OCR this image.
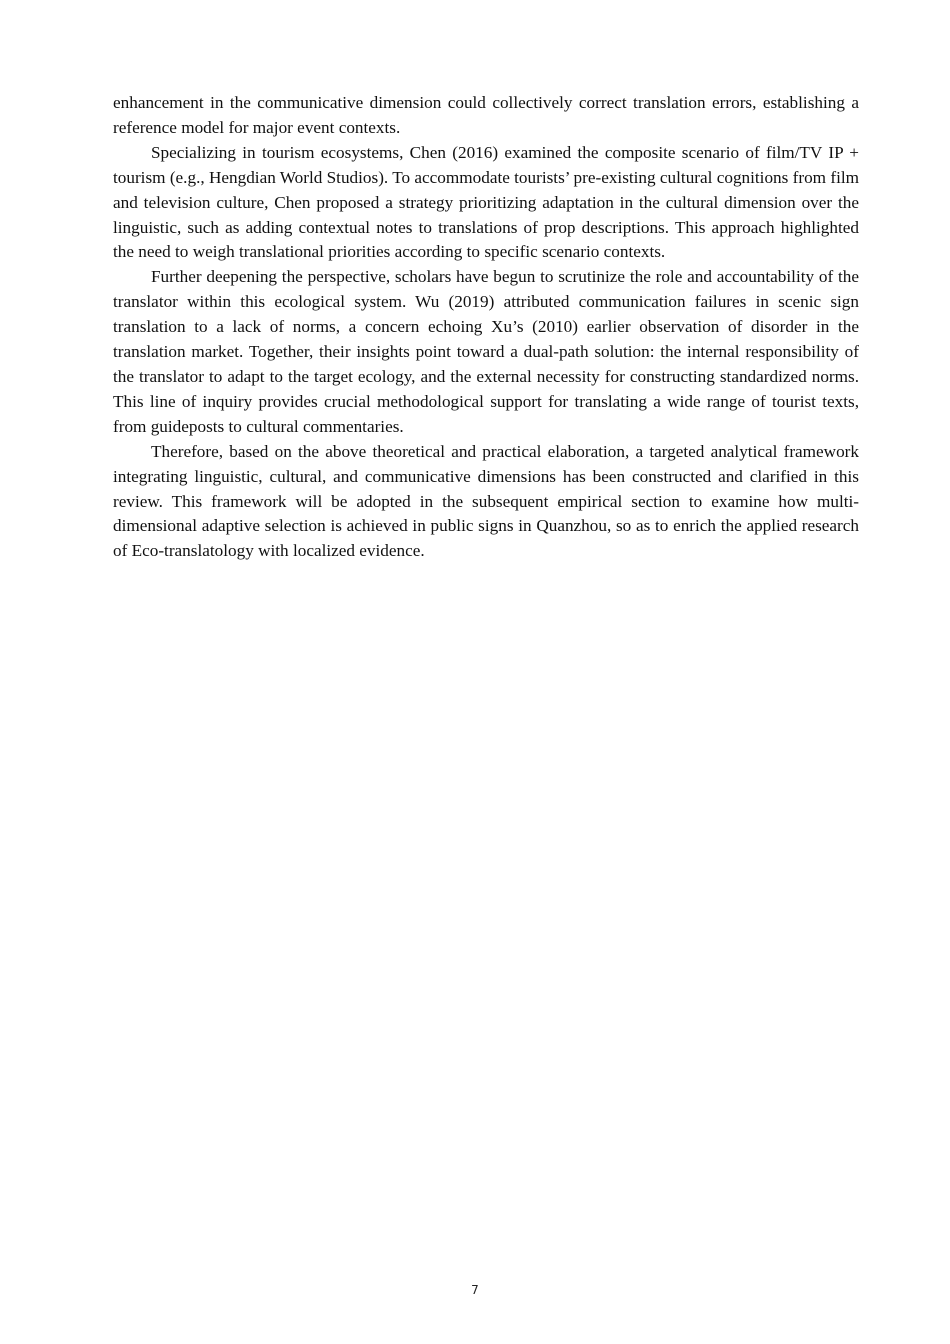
enhancement in the communicative dimension could collectively correct translation errors, establishing a reference model for major event contexts.

Specializing in tourism ecosystems, Chen (2016) examined the composite scenario of film/TV IP + tourism (e.g., Hengdian World Studios). To accommodate tourists’ pre-existing cultural cognitions from film and television culture, Chen proposed a strategy prioritizing adaptation in the cultural dimension over the linguistic, such as adding contextual notes to translations of prop descriptions. This approach highlighted the need to weigh translational priorities according to specific scenario contexts.

Further deepening the perspective, scholars have begun to scrutinize the role and accountability of the translator within this ecological system. Wu (2019) attributed communication failures in scenic sign translation to a lack of norms, a concern echoing Xu’s (2010) earlier observation of disorder in the translation market. Together, their insights point toward a dual-path solution: the internal responsibility of the translator to adapt to the target ecology, and the external necessity for constructing standardized norms. This line of inquiry provides crucial methodological support for translating a wide range of tourist texts, from guideposts to cultural commentaries.

Therefore, based on the above theoretical and practical elaboration, a targeted analytical framework integrating linguistic, cultural, and communicative dimensions has been constructed and clarified in this review. This framework will be adopted in the subsequent empirical section to examine how multi-dimensional adaptive selection is achieved in public signs in Quanzhou, so as to enrich the applied research of Eco-translatology with localized evidence.

7
